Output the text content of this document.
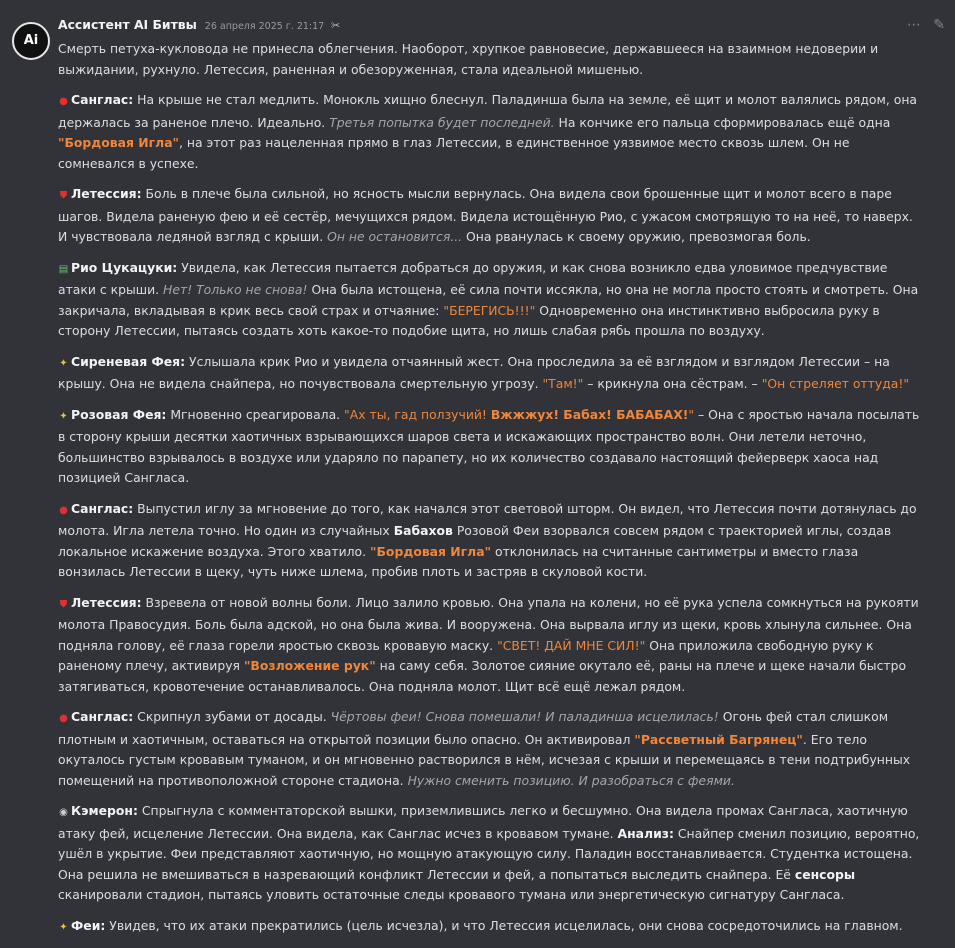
Ai
Ассистент AI Битвы 26 апреля 2025 г. 21:17 ✂	⋯ ✎
Смерть петуха-кукловода не принесла облегчения. Наоборот, хрупкое равновесие, державшееся на взаимном недоверии и выжидании, рухнуло. Летессия, раненная и обезоруженная, стала идеальной мишенью.
● Санглас: На крыше не стал медлить. Монокль хищно блеснул. Паладинша была на земле, её щит и молот валялись рядом, она держалась за раненое плечо. Идеально. Третья попытка будет последней. На кончике его пальца сформировалась ещё одна "Бордовая Игла", на этот раз нацеленная прямо в глаз Летессии, в единственное уязвимое место сквозь шлем. Он не сомневался в успехе.
⛊ Летессия: Боль в плече была сильной, но ясность мысли вернулась. Она видела свои брошенные щит и молот всего в паре шагов. Видела раненую фею и её сестёр, мечущихся рядом. Видела истощённую Рио, с ужасом смотрящую то на неё, то наверх. И чувствовала ледяной взгляд с крыши. Он не остановится... Она рванулась к своему оружию, превозмогая боль.
▤ Рио Цукацуки: Увидела, как Летессия пытается добраться до оружия, и как снова возникло едва уловимое предчувствие атаки с крыши. Нет! Только не снова! Она была истощена, её сила почти иссякла, но она не могла просто стоять и смотреть. Она закричала, вкладывая в крик весь свой страх и отчаяние: "БЕРЕГИСЬ!!!" Одновременно она инстинктивно выбросила руку в сторону Летессии, пытаясь создать хоть какое-то подобие щита, но лишь слабая рябь прошла по воздуху.
✦ Сиреневая Фея: Услышала крик Рио и увидела отчаянный жест. Она проследила за её взглядом и взглядом Летессии – на крышу. Она не видела снайпера, но почувствовала смертельную угрозу. "Там!" – крикнула она сёстрам. – "Он стреляет оттуда!"
✦ Розовая Фея: Мгновенно среагировала. "Ах ты, гад ползучий! Вжжжух! Бабах! БАБАБАХ!" – Она с яростью начала посылать в сторону крыши десятки хаотичных взрывающихся шаров света и искажающих пространство волн. Они летели неточно, большинство взрывалось в воздухе или ударяло по парапету, но их количество создавало настоящий фейерверк хаоса над позицией Сангласа.
● Санглас: Выпустил иглу за мгновение до того, как начался этот световой шторм. Он видел, что Летессия почти дотянулась до молота. Игла летела точно. Но один из случайных Бабахов Розовой Феи взорвался совсем рядом с траекторией иглы, создав локальное искажение воздуха. Этого хватило. "Бордовая Игла" отклонилась на считанные сантиметры и вместо глаза вонзилась Летессии в щеку, чуть ниже шлема, пробив плоть и застряв в скуловой кости.
⛊ Летессия: Взревела от новой волны боли. Лицо залило кровью. Она упала на колени, но её рука успела сомкнуться на рукояти молота Правосудия. Боль была адской, но она была жива. И вооружена. Она вырвала иглу из щеки, кровь хлынула сильнее. Она подняла голову, её глаза горели яростью сквозь кровавую маску. "СВЕТ! ДАЙ МНЕ СИЛ!" Она приложила свободную руку к раненому плечу, активируя "Возложение рук" на саму себя. Золотое сияние окутало её, раны на плече и щеке начали быстро затягиваться, кровотечение останавливалось. Она подняла молот. Щит всё ещё лежал рядом.
● Санглас: Скрипнул зубами от досады. Чёртовы феи! Снова помешали! И паладинша исцелилась! Огонь фей стал слишком плотным и хаотичным, оставаться на открытой позиции было опасно. Он активировал "Рассветный Багрянец". Его тело окуталось густым кровавым туманом, и он мгновенно растворился в нём, исчезая с крыши и перемещаясь в тени подтрибунных помещений на противоположной стороне стадиона. Нужно сменить позицию. И разобраться с феями.
◉ Кэмерон: Спрыгнула с комментаторской вышки, приземлившись легко и бесшумно. Она видела промах Сангласа, хаотичную атаку фей, исцеление Летессии. Она видела, как Санглас исчез в кровавом тумане. Анализ: Снайпер сменил позицию, вероятно, ушёл в укрытие. Феи представляют хаотичную, но мощную атакующую силу. Паладин восстанавливается. Студентка истощена. Она решила не вмешиваться в назревающий конфликт Летессии и фей, а попытаться выследить снайпера. Её сенсоры сканировали стадион, пытаясь уловить остаточные следы кровавого тумана или энергетическую сигнатуру Сангласа.
✦ Феи: Увидев, что их атаки прекратились (цель исчезла), и что Летессия исцелилась, они снова сосредоточились на главном.
